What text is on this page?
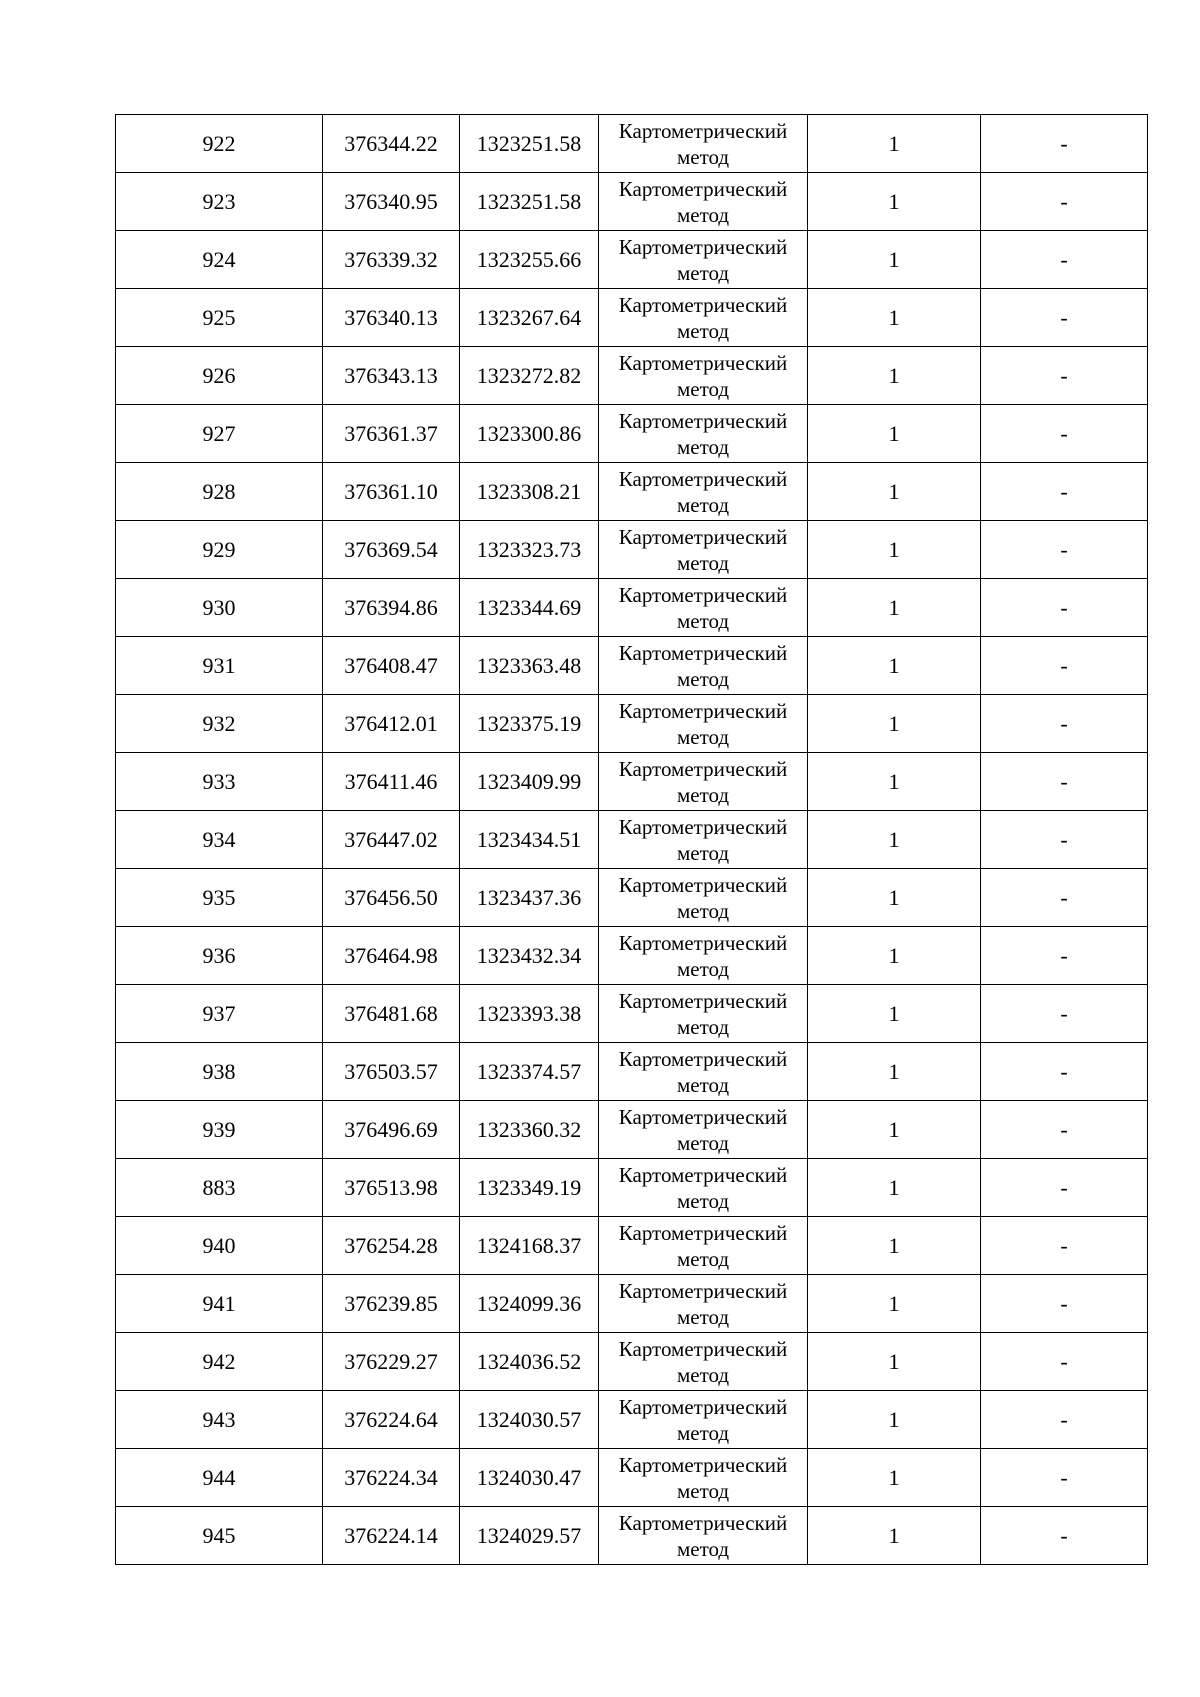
922	376344.22	1323251.58	Картометрический метод	1	-
923	376340.95	1323251.58	Картометрический метод	1	-
924	376339.32	1323255.66	Картометрический метод	1	-
925	376340.13	1323267.64	Картометрический метод	1	-
926	376343.13	1323272.82	Картометрический метод	1	-
927	376361.37	1323300.86	Картометрический метод	1	-
928	376361.10	1323308.21	Картометрический метод	1	-
929	376369.54	1323323.73	Картометрический метод	1	-
930	376394.86	1323344.69	Картометрический метод	1	-
931	376408.47	1323363.48	Картометрический метод	1	-
932	376412.01	1323375.19	Картометрический метод	1	-
933	376411.46	1323409.99	Картометрический метод	1	-
934	376447.02	1323434.51	Картометрический метод	1	-
935	376456.50	1323437.36	Картометрический метод	1	-
936	376464.98	1323432.34	Картометрический метод	1	-
937	376481.68	1323393.38	Картометрический метод	1	-
938	376503.57	1323374.57	Картометрический метод	1	-
939	376496.69	1323360.32	Картометрический метод	1	-
883	376513.98	1323349.19	Картометрический метод	1	-
940	376254.28	1324168.37	Картометрический метод	1	-
941	376239.85	1324099.36	Картометрический метод	1	-
942	376229.27	1324036.52	Картометрический метод	1	-
943	376224.64	1324030.57	Картометрический метод	1	-
944	376224.34	1324030.47	Картометрический метод	1	-
945	376224.14	1324029.57	Картометрический метод	1	-
